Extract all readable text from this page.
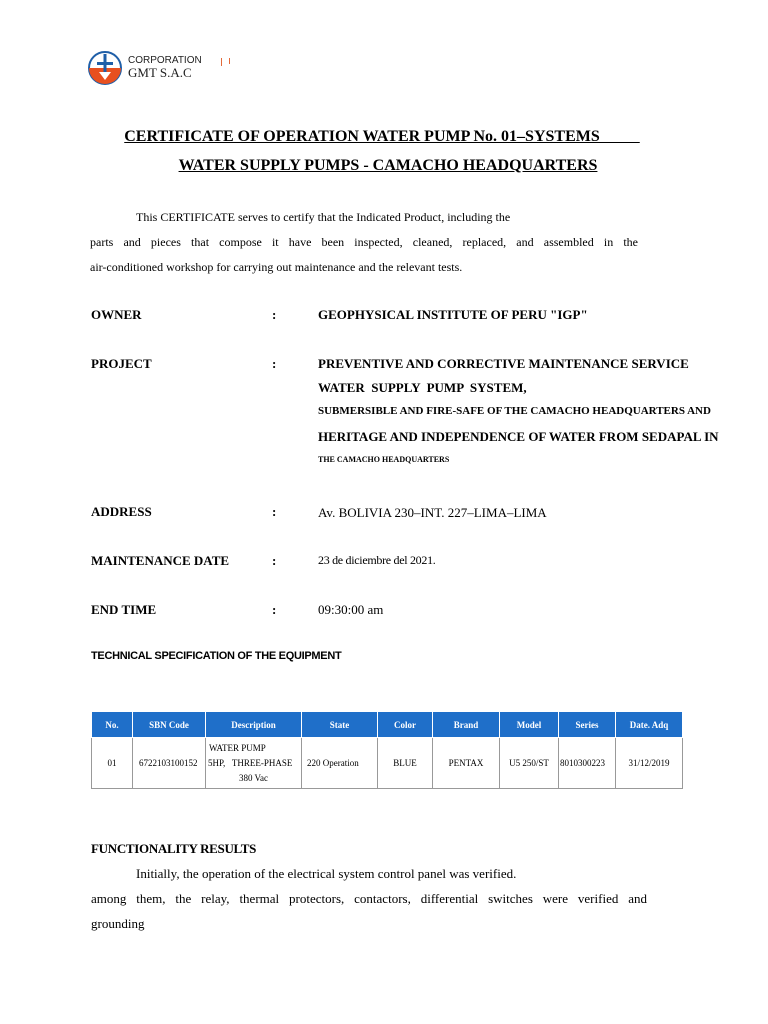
CORPORATION
GMT S.A.C
CERTIFICATE OF OPERATION WATER PUMP No. 01–SYSTEMS
WATER SUPPLY PUMPS - CAMACHO HEADQUARTERS

This CERTIFICATE serves to certify that the Indicated Product, including the

parts and pieces that compose it have been inspected, cleaned, replaced, and assembled in the

air-conditioned workshop for carrying out maintenance and the relevant tests.

OWNER	:	GEOPHYSICAL INSTITUTE OF PERU "IGP"
PROJECT	:	PREVENTIVE AND CORRECTIVE MAINTENANCE SERVICE
WATER  SUPPLY  PUMP  SYSTEM,
SUBMERSIBLE AND FIRE-SAFE OF THE CAMACHO HEADQUARTERS AND
HERITAGE AND INDEPENDENCE OF WATER FROM SEDAPAL IN
THE CAMACHO HEADQUARTERS
ADDRESS	:	Av. BOLIVIA 230–INT. 227–LIMA–LIMA
MAINTENANCE DATE	:	23 de diciembre del 2021.
END TIME	:	09:30:00 am
TECHNICAL SPECIFICATION OF THE EQUIPMENT
No.	SBN Code	Description	State	Color	Brand	Model	Series	Date. Adq
01	6722103100152	WATER PUMP
5HP,   THREE-PHASE
380 Vac	220 Operation	BLUE	PENTAX	U5 250/ST	8010300223	31/12/2019
FUNCTIONALITY RESULTS

Initially, the operation of the electrical system control panel was verified.

among them, the relay, thermal protectors, contactors, differential switches were verified and

grounding
